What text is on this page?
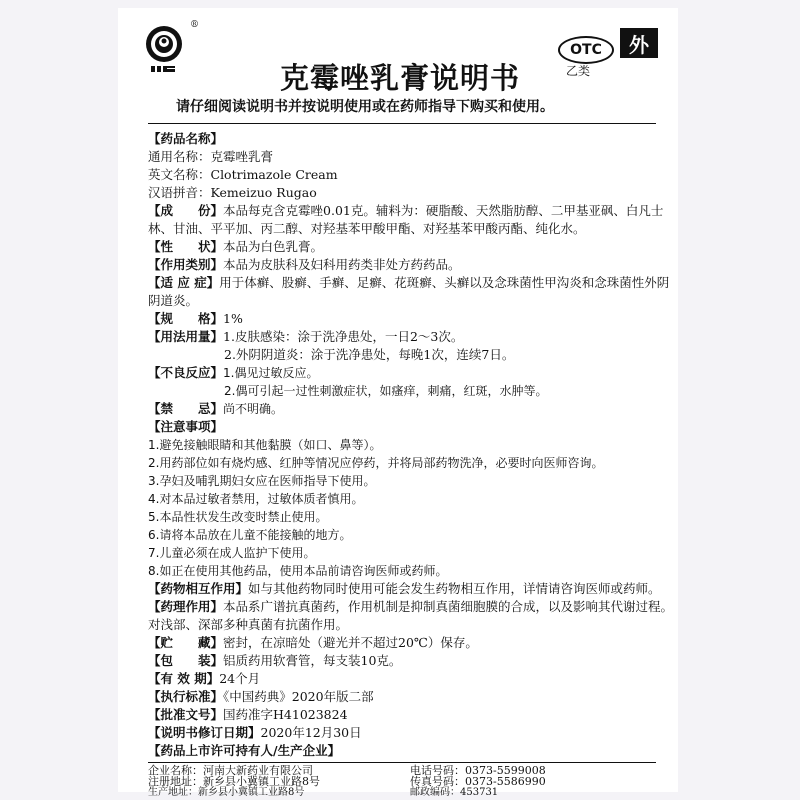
®
OTC	外
乙类
克霉唑乳膏说明书
请仔细阅读说明书并按说明使用或在药师指导下购买和使用。
【药品名称】
通用名称：克霉唑乳膏
英文名称：Clotrimazole Cream
汉语拼音：Kemeizuo Rugao
【成　　份】本品每克含克霉唑0.01克。辅料为：硬脂酸、天然脂肪醇、二甲基亚砜、白凡士
林、甘油、平平加、丙二醇、对羟基苯甲酸甲酯、对羟基苯甲酸丙酯、纯化水。
【性　　状】本品为白色乳膏。
【作用类别】本品为皮肤科及妇科用药类非处方药药品。
【适 应 症】用于体癣、股癣、手癣、足癣、花斑癣、头癣以及念珠菌性甲沟炎和念珠菌性外阴
阴道炎。
【规　　格】1%
【用法用量】1.皮肤感染：涂于洗净患处，一日2～3次。
2.外阴阴道炎：涂于洗净患处，每晚1次，连续7日。
【不良反应】1.偶见过敏反应。
2.偶可引起一过性刺激症状，如瘙痒，刺痛，红斑，水肿等。
【禁　　忌】尚不明确。
【注意事项】
1.避免接触眼睛和其他黏膜（如口、鼻等）。
2.用药部位如有烧灼感、红肿等情况应停药，并将局部药物洗净，必要时向医师咨询。
3.孕妇及哺乳期妇女应在医师指导下使用。
4.对本品过敏者禁用，过敏体质者慎用。
5.本品性状发生改变时禁止使用。
6.请将本品放在儿童不能接触的地方。
7.儿童必须在成人监护下使用。
8.如正在使用其他药品，使用本品前请咨询医师或药师。
【药物相互作用】如与其他药物同时使用可能会发生药物相互作用，详情请咨询医师或药师。
【药理作用】本品系广谱抗真菌药，作用机制是抑制真菌细胞膜的合成，以及影响其代谢过程。
对浅部、深部多种真菌有抗菌作用。
【贮　　藏】密封，在凉暗处（避光并不超过20℃）保存。
【包　　装】铝质药用软膏管，每支装10克。
【有 效 期】24个月
【执行标准】《中国药典》2020年版二部
【批准文号】国药准字H41023824
【说明书修订日期】2020年12月30日
【药品上市许可持有人/生产企业】
企业名称：河南大新药业有限公司	电话号码：0373-5599008
注册地址：新乡县小冀镇工业路8号	传真号码：0373-5586990
生产地址：新乡县小冀镇工业路8号	邮政编码：453731
